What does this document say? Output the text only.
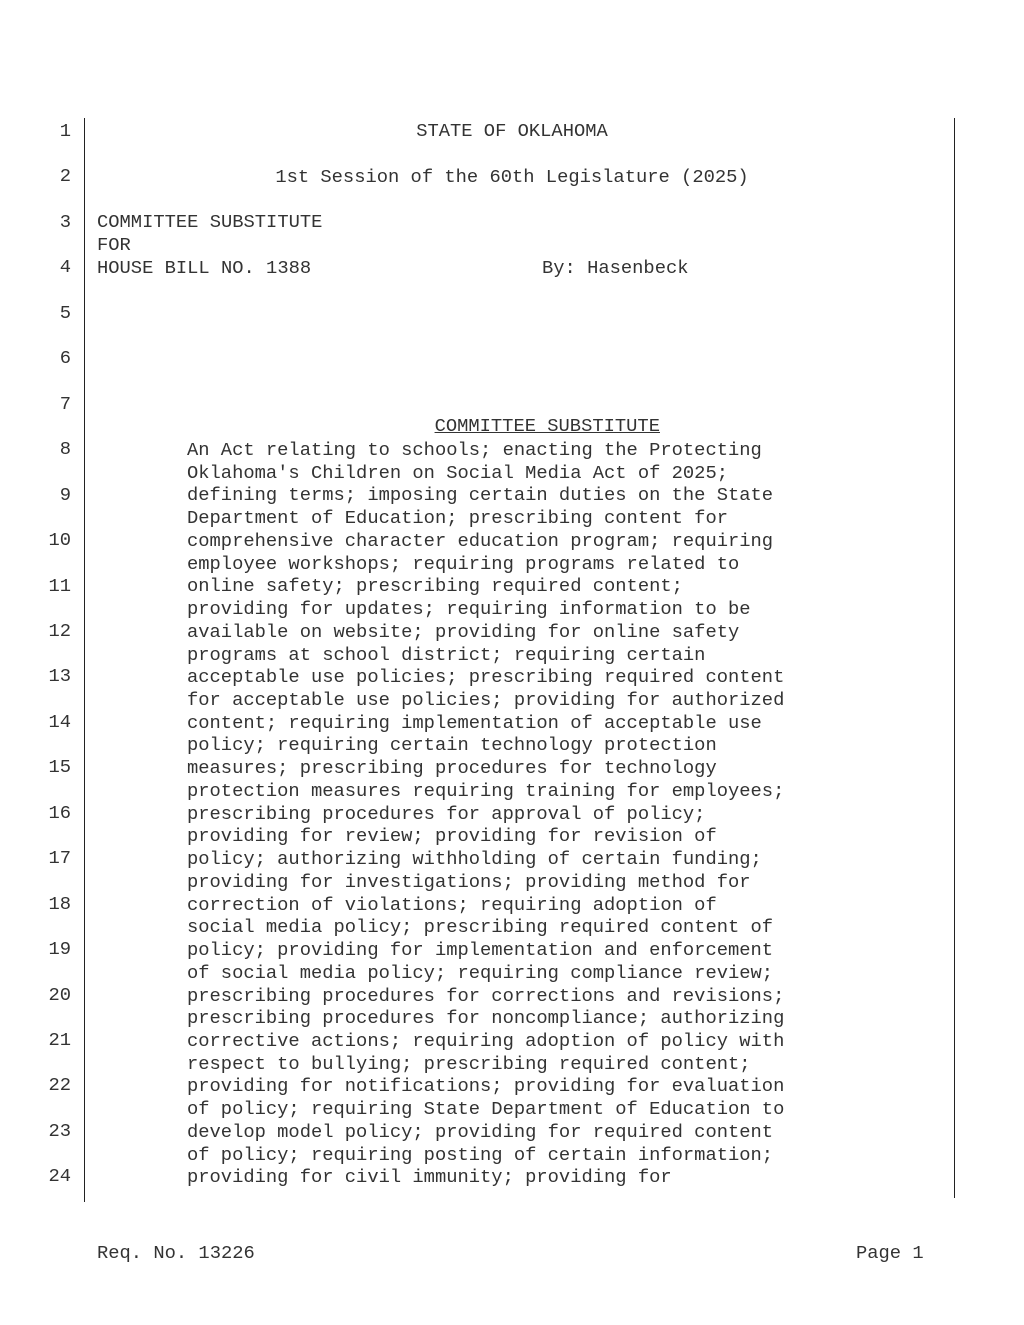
1
2
3
4
5
6
7
8
9
10
11
12
13
14
15
16
17
18
19
20
21
22
23
24
STATE OF OKLAHOMA
1st Session of the 60th Legislature (2025)
COMMITTEE SUBSTITUTE
FOR
HOUSE BILL NO. 1388	By: Hasenbeck

COMMITTEE SUBSTITUTE

An Act relating to schools; enacting the Protecting
Oklahoma's Children on Social Media Act of 2025;
defining terms; imposing certain duties on the State
Department of Education; prescribing content for
comprehensive character education program; requiring
employee workshops; requiring programs related to
online safety; prescribing required content;
providing for updates; requiring information to be
available on website; providing for online safety
programs at school district; requiring certain
acceptable use policies; prescribing required content
for acceptable use policies; providing for authorized
content; requiring implementation of acceptable use
policy; requiring certain technology protection
measures; prescribing procedures for technology
protection measures requiring training for employees;
prescribing procedures for approval of policy;
providing for review; providing for revision of
policy; authorizing withholding of certain funding;
providing for investigations; providing method for
correction of violations; requiring adoption of
social media policy; prescribing required content of
policy; providing for implementation and enforcement
of social media policy; requiring compliance review;
prescribing procedures for corrections and revisions;
prescribing procedures for noncompliance; authorizing
corrective actions; requiring adoption of policy with
respect to bullying; prescribing required content;
providing for notifications; providing for evaluation
of policy; requiring State Department of Education to
develop model policy; providing for required content
of policy; requiring posting of certain information;
providing for civil immunity; providing for
Req. No. 13226	Page 1
